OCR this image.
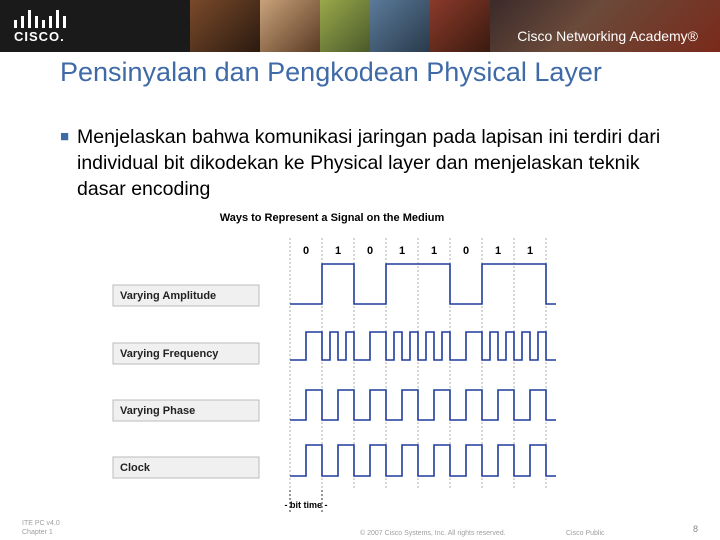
CISCO.	Cisco Networking Academy®
Pensinyalan dan Pengkodean Physical Layer
■ Menjelaskan bahwa komunikasi jaringan pada lapisan ini terdiri dari individual bit dikodekan ke Physical layer dan menjelaskan teknik dasar encoding
Ways to Represent a Signal on the Medium
0 1 0 1 1 0 1 1
Varying Amplitude
Varying Frequency
Varying Phase
Clock
- bit time -
ITE PC v4.0
Chapter 1	© 2007 Cisco Systems, Inc. All rights reserved.	Cisco Public	8
